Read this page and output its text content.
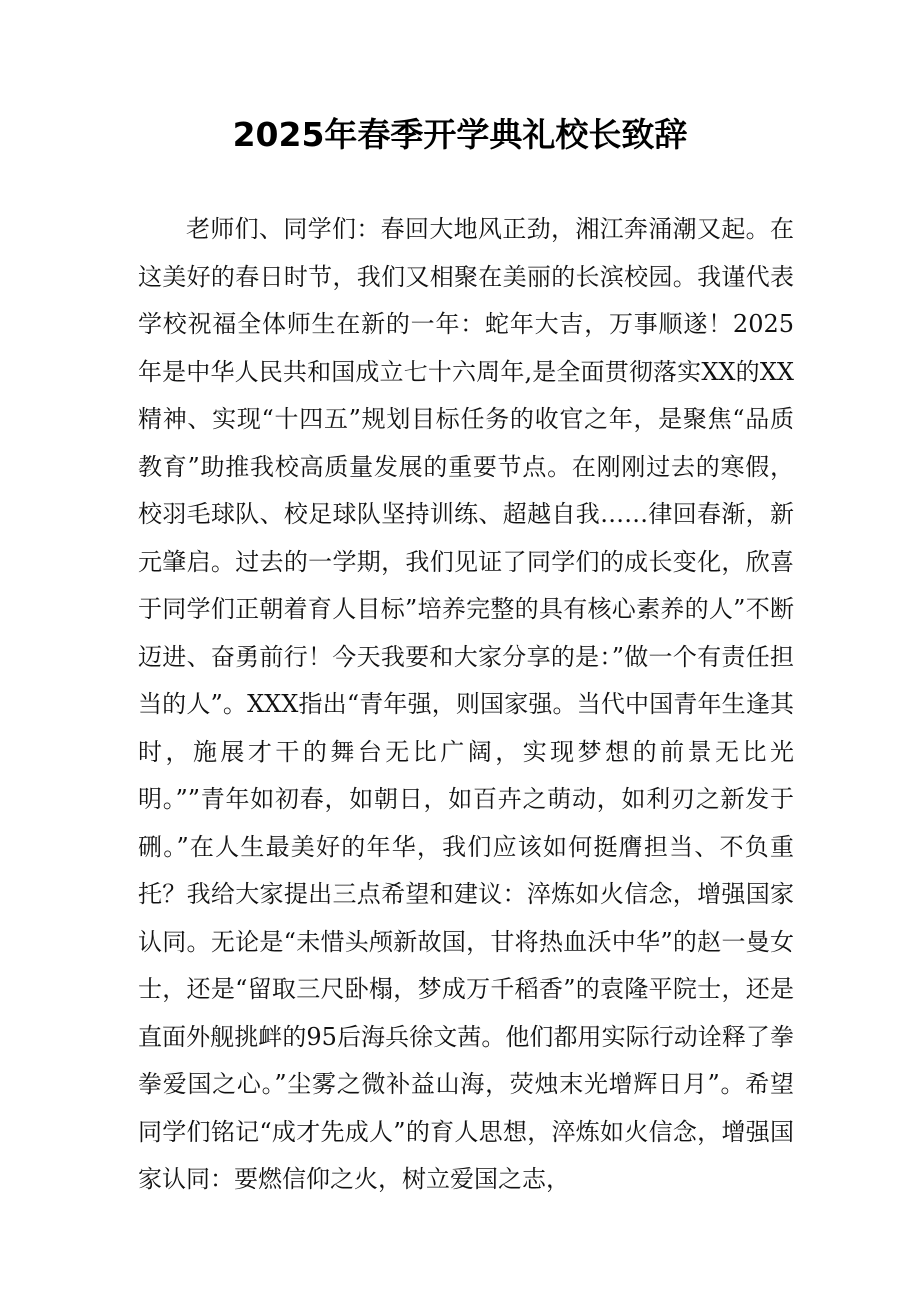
2025年春季开学典礼校长致辞

老师们、同学们：春回大地风正劲，湘江奔涌潮又起。在这美好的春日时节，我们又相聚在美丽的长滨校园。我谨代表学校祝福全体师生在新的一年：蛇年大吉，万事顺遂！2025年是中华人民共和国成立七十六周年,是全面贯彻落实XX的XX精神、实现“十四五”规划目标任务的收官之年，是聚焦“品质教育”助推我校高质量发展的重要节点。在刚刚过去的寒假，校羽毛球队、校足球队坚持训练、超越自我……律回春渐，新元肇启。过去的一学期，我们见证了同学们的成长变化，欣喜于同学们正朝着育人目标”培养完整的具有核心素养的人”不断迈进、奋勇前行！今天我要和大家分享的是：”做一个有责任担当的人”。XXX指出“青年强，则国家强。当代中国青年生逢其时，施展才干的舞台无比广阔，实现梦想的前景无比光明。””青年如初春，如朝日，如百卉之萌动，如利刃之新发于硎。”在人生最美好的年华，我们应该如何挺膺担当、不负重托？我给大家提出三点希望和建议：淬炼如火信念，增强国家认同。无论是“未惜头颅新故国，甘将热血沃中华”的赵一曼女士，还是“留取三尺卧榻，梦成万千稻香”的袁隆平院士，还是直面外舰挑衅的95后海兵徐文茜。他们都用实际行动诠释了拳拳爱国之心。”尘雾之微补益山海，荧烛末光增辉日月”。希望同学们铭记“成才先成人”的育人思想，淬炼如火信念，增强国家认同：要燃信仰之火，树立爱国之志，
